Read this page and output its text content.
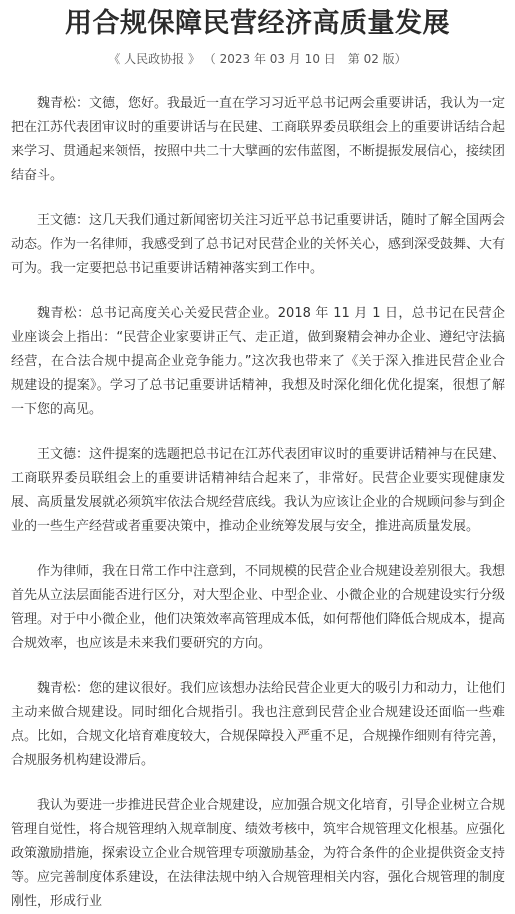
用合规保障民营经济高质量发展
《 人民政协报 》 （ 2023 年 03 月 10 日　第 02 版）

魏青松：文德，您好。我最近一直在学习习近平总书记两会重要讲话，我认为一定把在江苏代表团审议时的重要讲话与在民建、工商联界委员联组会上的重要讲话结合起来学习、贯通起来领悟，按照中共二十大擘画的宏伟蓝图，不断提振发展信心，接续团结奋斗。

王文德：这几天我们通过新闻密切关注习近平总书记重要讲话，随时了解全国两会动态。作为一名律师，我感受到了总书记对民营企业的关怀关心，感到深受鼓舞、大有可为。我一定要把总书记重要讲话精神落实到工作中。

魏青松：总书记高度关心关爱民营企业。2018 年 11 月 1 日，总书记在民营企业座谈会上指出：“民营企业家要讲正气、走正道，做到聚精会神办企业、遵纪守法搞经营，在合法合规中提高企业竞争能力。”这次我也带来了《关于深入推进民营企业合规建设的提案》。学习了总书记重要讲话精神，我想及时深化细化优化提案，很想了解一下您的高见。

王文德：这件提案的选题把总书记在江苏代表团审议时的重要讲话精神与在民建、工商联界委员联组会上的重要讲话精神结合起来了，非常好。民营企业要实现健康发展、高质量发展就必须筑牢依法合规经营底线。我认为应该让企业的合规顾问参与到企业的一些生产经营或者重要决策中，推动企业统筹发展与安全，推进高质量发展。

作为律师，我在日常工作中注意到，不同规模的民营企业合规建设差别很大。我想首先从立法层面能否进行区分，对大型企业、中型企业、小微企业的合规建设实行分级管理。对于中小微企业，他们决策效率高管理成本低，如何帮他们降低合规成本，提高合规效率，也应该是未来我们要研究的方向。

魏青松：您的建议很好。我们应该想办法给民营企业更大的吸引力和动力，让他们主动来做合规建设。同时细化合规指引。我也注意到民营企业合规建设还面临一些难点。比如，合规文化培育难度较大，合规保障投入严重不足，合规操作细则有待完善，合规服务机构建设滞后。

我认为要进一步推进民营企业合规建设，应加强合规文化培育，引导企业树立合规管理自觉性，将合规管理纳入规章制度、绩效考核中，筑牢合规管理文化根基。应强化政策激励措施，探索设立企业合规管理专项激励基金，为符合条件的企业提供资金支持等。应完善制度体系建设，在法律法规中纳入合规管理相关内容，强化合规管理的制度刚性，形成行业
